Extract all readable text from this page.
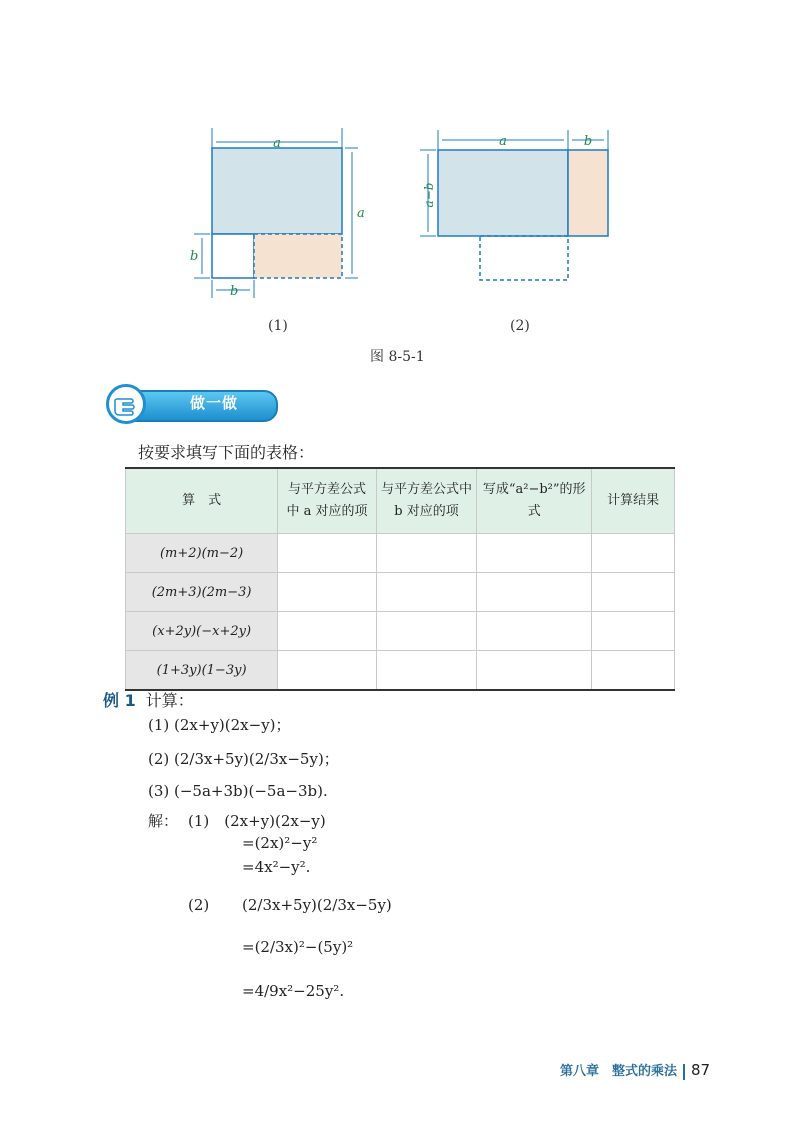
a
a
b
b
a	b
a−b
(1)	(2)
图 8-5-1
做一做
按要求填写下面的表格：
算　式	与平方差公式中 a 对应的项	与平方差公式中 b 对应的项	写成“a²−b²”的形式	计算结果
(m+2)(m−2)				
(2m+3)(2m−3)				
(x+2y)(−x+2y)				
(1+3y)(1−3y)				
例 1 计算：
(1) (2x+y)(2x−y)；
(2) (2/3x+5y)(2/3x−5y)；
(3) (−5a+3b)(−5a−3b).
解： (1)　(2x+y)(2x−y)
=(2x)²−y²
=4x²−y².
(2) (2/3x+5y)(2/3x−5y)
=(2/3x)²−(5y)²
=4/9x²−25y².
第八章　整式的乘法 87
